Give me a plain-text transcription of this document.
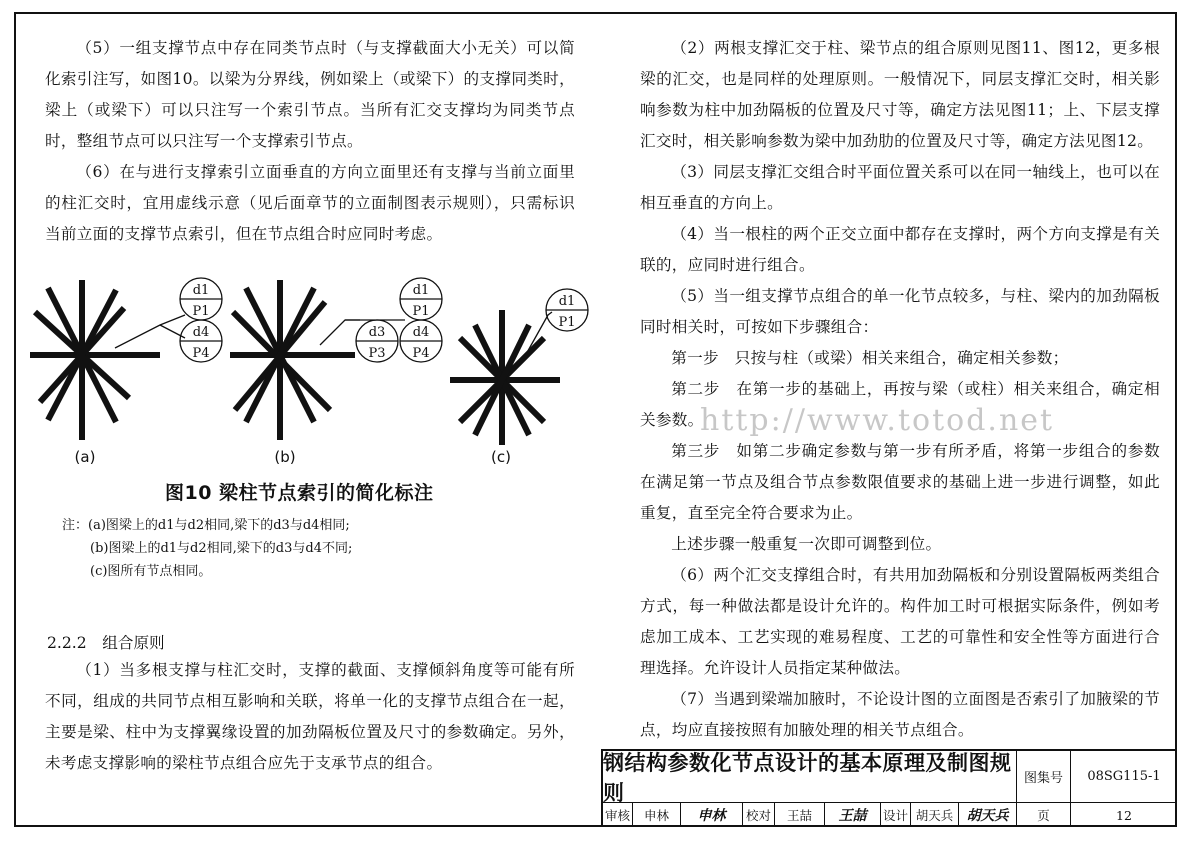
（5）一组支撑节点中存在同类节点时（与支撑截面大小无关）可以简化索引注写，如图10。以梁为分界线，例如梁上（或梁下）的支撑同类时，梁上（或梁下）可以只注写一个索引节点。当所有汇交支撑均为同类节点时，整组节点可以只注写一个支撑索引节点。

（6）在与进行支撑索引立面垂直的方向立面里还有支撑与当前立面里的柱汇交时，宜用虚线示意（见后面章节的立面制图表示规则），只需标识当前立面的支撑节点索引，但在节点组合时应同时考虑。

d1
P1
d4
P4
d1
P1
d3
P3
d4
P4
d1
P1
(a)	(b)	(c)
图10 梁柱节点索引的简化标注
注：(a)图梁上的d1与d2相同,梁下的d3与d4相同;
(b)图梁上的d1与d2相同,梁下的d3与d4不同;
(c)图所有节点相同。
2.2.2　组合原则

（1）当多根支撑与柱汇交时，支撑的截面、支撑倾斜角度等可能有所不同，组成的共同节点相互影响和关联，将单一化的支撑节点组合在一起，主要是梁、柱中为支撑翼缘设置的加劲隔板位置及尺寸的参数确定。另外，未考虑支撑影响的梁柱节点组合应先于支承节点的组合。

（2）两根支撑汇交于柱、梁节点的组合原则见图11、图12，更多根梁的汇交，也是同样的处理原则。一般情况下，同层支撑汇交时，相关影响参数为柱中加劲隔板的位置及尺寸等，确定方法见图11；上、下层支撑汇交时，相关影响参数为梁中加劲肋的位置及尺寸等，确定方法见图12。

（3）同层支撑汇交组合时平面位置关系可以在同一轴线上，也可以在相互垂直的方向上。

（4）当一根柱的两个正交立面中都存在支撑时，两个方向支撑是有关联的，应同时进行组合。

（5）当一组支撑节点组合的单一化节点较多，与柱、梁内的加劲隔板同时相关时，可按如下步骤组合：

第一步　只按与柱（或梁）相关来组合，确定相关参数；

第二步　在第一步的基础上，再按与梁（或柱）相关来组合，确定相关参数。

第三步　如第二步确定参数与第一步有所矛盾，将第一步组合的参数在满足第一节点及组合节点参数限值要求的基础上进一步进行调整，如此重复，直至完全符合要求为止。

上述步骤一般重复一次即可调整到位。

（6）两个汇交支撑组合时，有共用加劲隔板和分别设置隔板两类组合方式，每一种做法都是设计允许的。构件加工时可根据实际条件，例如考虑加工成本、工艺实现的难易程度、工艺的可靠性和安全性等方面进行合理选择。允许设计人员指定某种做法。

（7）当遇到梁端加腋时，不论设计图的立面图是否索引了加腋梁的节点，均应直接按照有加腋处理的相关节点组合。

http://www.totod.net
钢结构参数化节点设计的基本原理及制图规则
图集号	08SG115-1
审核	申林	申林	校对	王喆	王喆	设计 胡天兵 胡天兵	页	12
